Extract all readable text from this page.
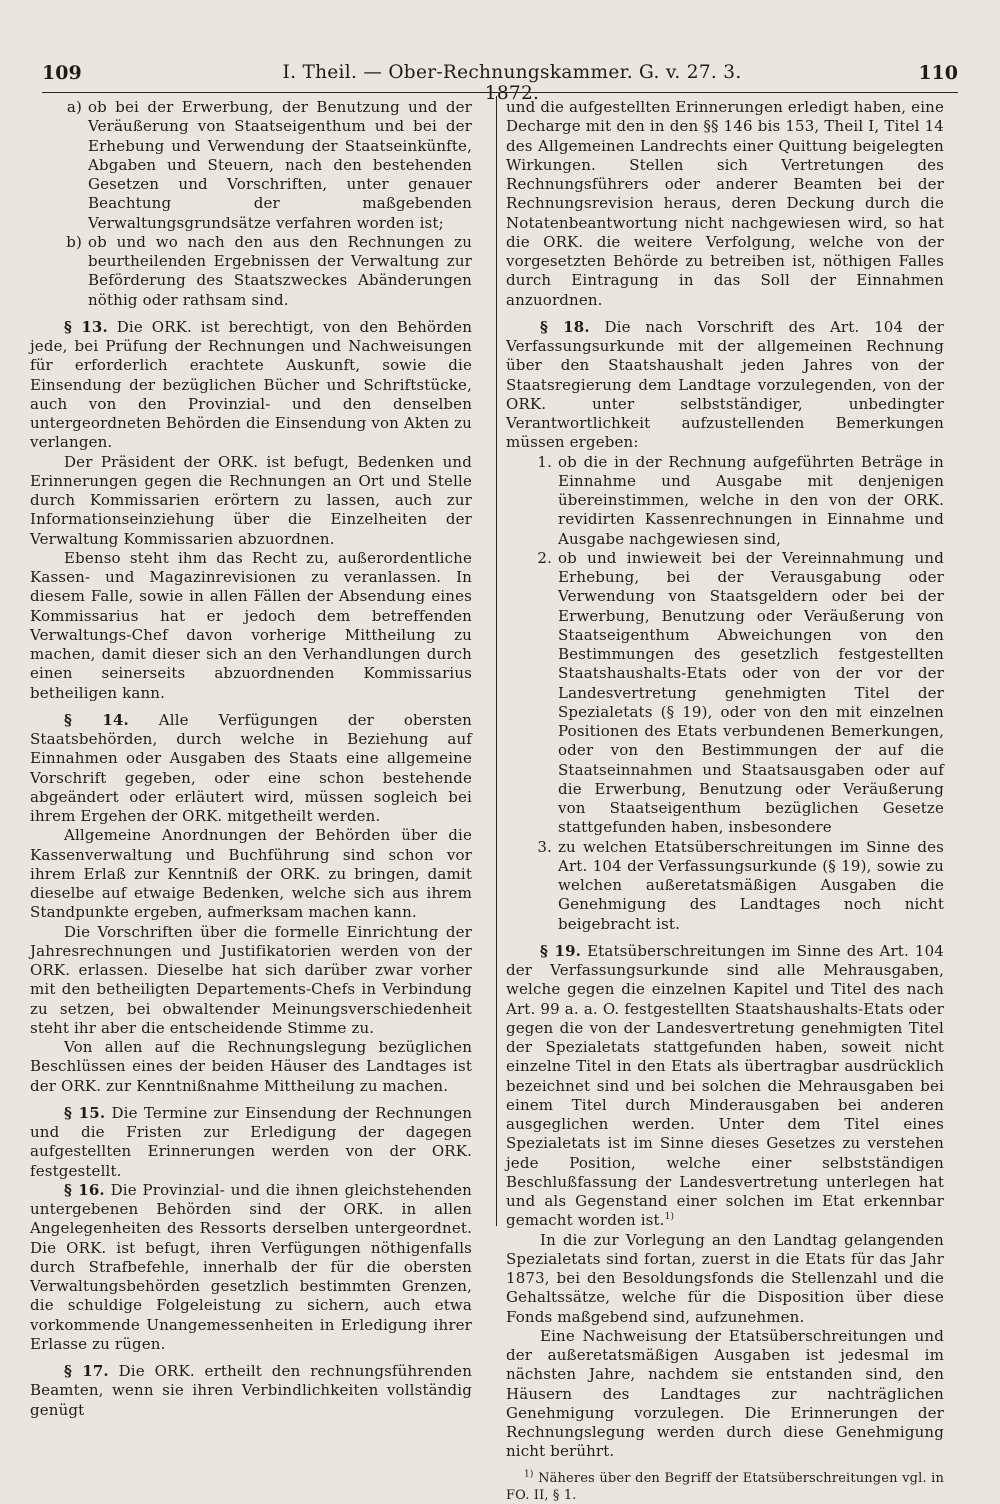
109	I. Theil. — Ober-Rechnungskammer. G. v. 27. 3. 1872.
110
a) ob bei der Erwerbung, der Benutzung und der Veräußerung von Staatseigenthum und bei der Erhebung und Verwendung der Staatseinkünfte, Abgaben und Steuern, nach den bestehenden Gesetzen und Vorschriften, unter genauer Beachtung der maßgebenden Verwaltungsgrundsätze verfahren worden ist;
b) ob und wo nach den aus den Rechnungen zu beurtheilenden Ergebnissen der Verwaltung zur Beförderung des Staatszweckes Abänderungen nöthig oder rathsam sind.

§ 13. Die ORK. ist berechtigt, von den Behörden jede, bei Prüfung der Rechnungen und Nachweisungen für erforderlich erachtete Auskunft, sowie die Einsendung der bezüglichen Bücher und Schriftstücke, auch von den Provinzial- und den denselben untergeordneten Behörden die Einsendung von Akten zu verlangen.

Der Präsident der ORK. ist befugt, Bedenken und Erinnerungen gegen die Rechnungen an Ort und Stelle durch Kommissarien erörtern zu lassen, auch zur Informationseinziehung über die Einzelheiten der Verwaltung Kommissarien abzuordnen.

Ebenso steht ihm das Recht zu, außerordentliche Kassen- und Magazinrevisionen zu veranlassen. In diesem Falle, sowie in allen Fällen der Absendung eines Kommissarius hat er jedoch dem betreffenden Verwaltungs-Chef davon vorherige Mittheilung zu machen, damit dieser sich an den Verhandlungen durch einen seinerseits abzuordnenden Kommissarius betheiligen kann.

§ 14. Alle Verfügungen der obersten Staatsbehörden, durch welche in Beziehung auf Einnahmen oder Ausgaben des Staats eine allgemeine Vorschrift gegeben, oder eine schon bestehende abgeändert oder erläutert wird, müssen sogleich bei ihrem Ergehen der ORK. mitgetheilt werden.

Allgemeine Anordnungen der Behörden über die Kassenverwaltung und Buchführung sind schon vor ihrem Erlaß zur Kenntniß der ORK. zu bringen, damit dieselbe auf etwaige Bedenken, welche sich aus ihrem Standpunkte ergeben, aufmerksam machen kann.

Die Vorschriften über die formelle Einrichtung der Jahresrechnungen und Justifikatorien werden von der ORK. erlassen. Dieselbe hat sich darüber zwar vorher mit den betheiligten Departements-Chefs in Verbindung zu setzen, bei obwaltender Meinungsverschiedenheit steht ihr aber die entscheidende Stimme zu.

Von allen auf die Rechnungslegung bezüglichen Beschlüssen eines der beiden Häuser des Landtages ist der ORK. zur Kenntnißnahme Mittheilung zu machen.

§ 15. Die Termine zur Einsendung der Rechnungen und die Fristen zur Erledigung der dagegen aufgestellten Erinnerungen werden von der ORK. festgestellt.

§ 16. Die Provinzial- und die ihnen gleichstehenden untergebenen Behörden sind der ORK. in allen Angelegenheiten des Ressorts derselben untergeordnet. Die ORK. ist befugt, ihren Verfügungen nöthigenfalls durch Strafbefehle, innerhalb der für die obersten Verwaltungsbehörden gesetzlich bestimmten Grenzen, die schuldige Folgeleistung zu sichern, auch etwa vorkommende Unangemessenheiten in Erledigung ihrer Erlasse zu rügen.

§ 17. Die ORK. ertheilt den rechnungsführenden Beamten, wenn sie ihren Verbindlichkeiten vollständig genügt

und die aufgestellten Erinnerungen erledigt haben, eine Decharge mit den in den §§ 146 bis 153, Theil I, Titel 14 des Allgemeinen Landrechts einer Quittung beigelegten Wirkungen. Stellen sich Vertretungen des Rechnungsführers oder anderer Beamten bei der Rechnungsrevision heraus, deren Deckung durch die Notatenbeantwortung nicht nachgewiesen wird, so hat die ORK. die weitere Verfolgung, welche von der vorgesetzten Behörde zu betreiben ist, nöthigen Falles durch Eintragung in das Soll der Einnahmen anzuordnen.

§ 18. Die nach Vorschrift des Art. 104 der Verfassungsurkunde mit der allgemeinen Rechnung über den Staatshaushalt jeden Jahres von der Staatsregierung dem Landtage vorzulegenden, von der ORK. unter selbstständiger, unbedingter Verantwortlichkeit aufzustellenden Bemerkungen müssen ergeben:

1. ob die in der Rechnung aufgeführten Beträge in Einnahme und Ausgabe mit denjenigen übereinstimmen, welche in den von der ORK. revidirten Kassenrechnungen in Einnahme und Ausgabe nachgewiesen sind,
2. ob und inwieweit bei der Vereinnahmung und Erhebung, bei der Verausgabung oder Verwendung von Staatsgeldern oder bei der Erwerbung, Benutzung oder Veräußerung von Staatseigenthum Abweichungen von den Bestimmungen des gesetzlich festgestellten Staatshaushalts-Etats oder von der vor der Landesvertretung genehmigten Titel der Spezialetats (§ 19), oder von den mit einzelnen Positionen des Etats verbundenen Bemerkungen, oder von den Bestimmungen der auf die Staatseinnahmen und Staatsausgaben oder auf die Erwerbung, Benutzung oder Veräußerung von Staatseigenthum bezüglichen Gesetze stattgefunden haben, insbesondere
3. zu welchen Etatsüberschreitungen im Sinne des Art. 104 der Verfassungsurkunde (§ 19), sowie zu welchen außeretatsmäßigen Ausgaben die Genehmigung des Landtages noch nicht beigebracht ist.

§ 19. Etatsüberschreitungen im Sinne des Art. 104 der Verfassungsurkunde sind alle Mehrausgaben, welche gegen die einzelnen Kapitel und Titel des nach Art. 99 a. a. O. festgestellten Staatshaushalts-Etats oder gegen die von der Landesvertretung genehmigten Titel der Spezialetats stattgefunden haben, soweit nicht einzelne Titel in den Etats als übertragbar ausdrücklich bezeichnet sind und bei solchen die Mehrausgaben bei einem Titel durch Minderausgaben bei anderen ausgeglichen werden. Unter dem Titel eines Spezialetats ist im Sinne dieses Gesetzes zu verstehen jede Position, welche einer selbstständigen Beschlußfassung der Landesvertretung unterlegen hat und als Gegenstand einer solchen im Etat erkennbar gemacht worden ist.$^{1)}$

In die zur Vorlegung an den Landtag gelangenden Spezialetats sind fortan, zuerst in die Etats für das Jahr 1873, bei den Besoldungsfonds die Stellenzahl und die Gehaltssätze, welche für die Disposition über diese Fonds maßgebend sind, aufzunehmen.

Eine Nachweisung der Etatsüberschreitungen und der außeretatsmäßigen Ausgaben ist jedesmal im nächsten Jahre, nachdem sie entstanden sind, den Häusern des Landtages zur nachträglichen Genehmigung vorzulegen. Die Erinnerungen der Rechnungslegung werden durch diese Genehmigung nicht berührt.

$^{1)}$ Näheres über den Begriff der Etatsüberschreitungen vgl. in FO. II, § 1.
